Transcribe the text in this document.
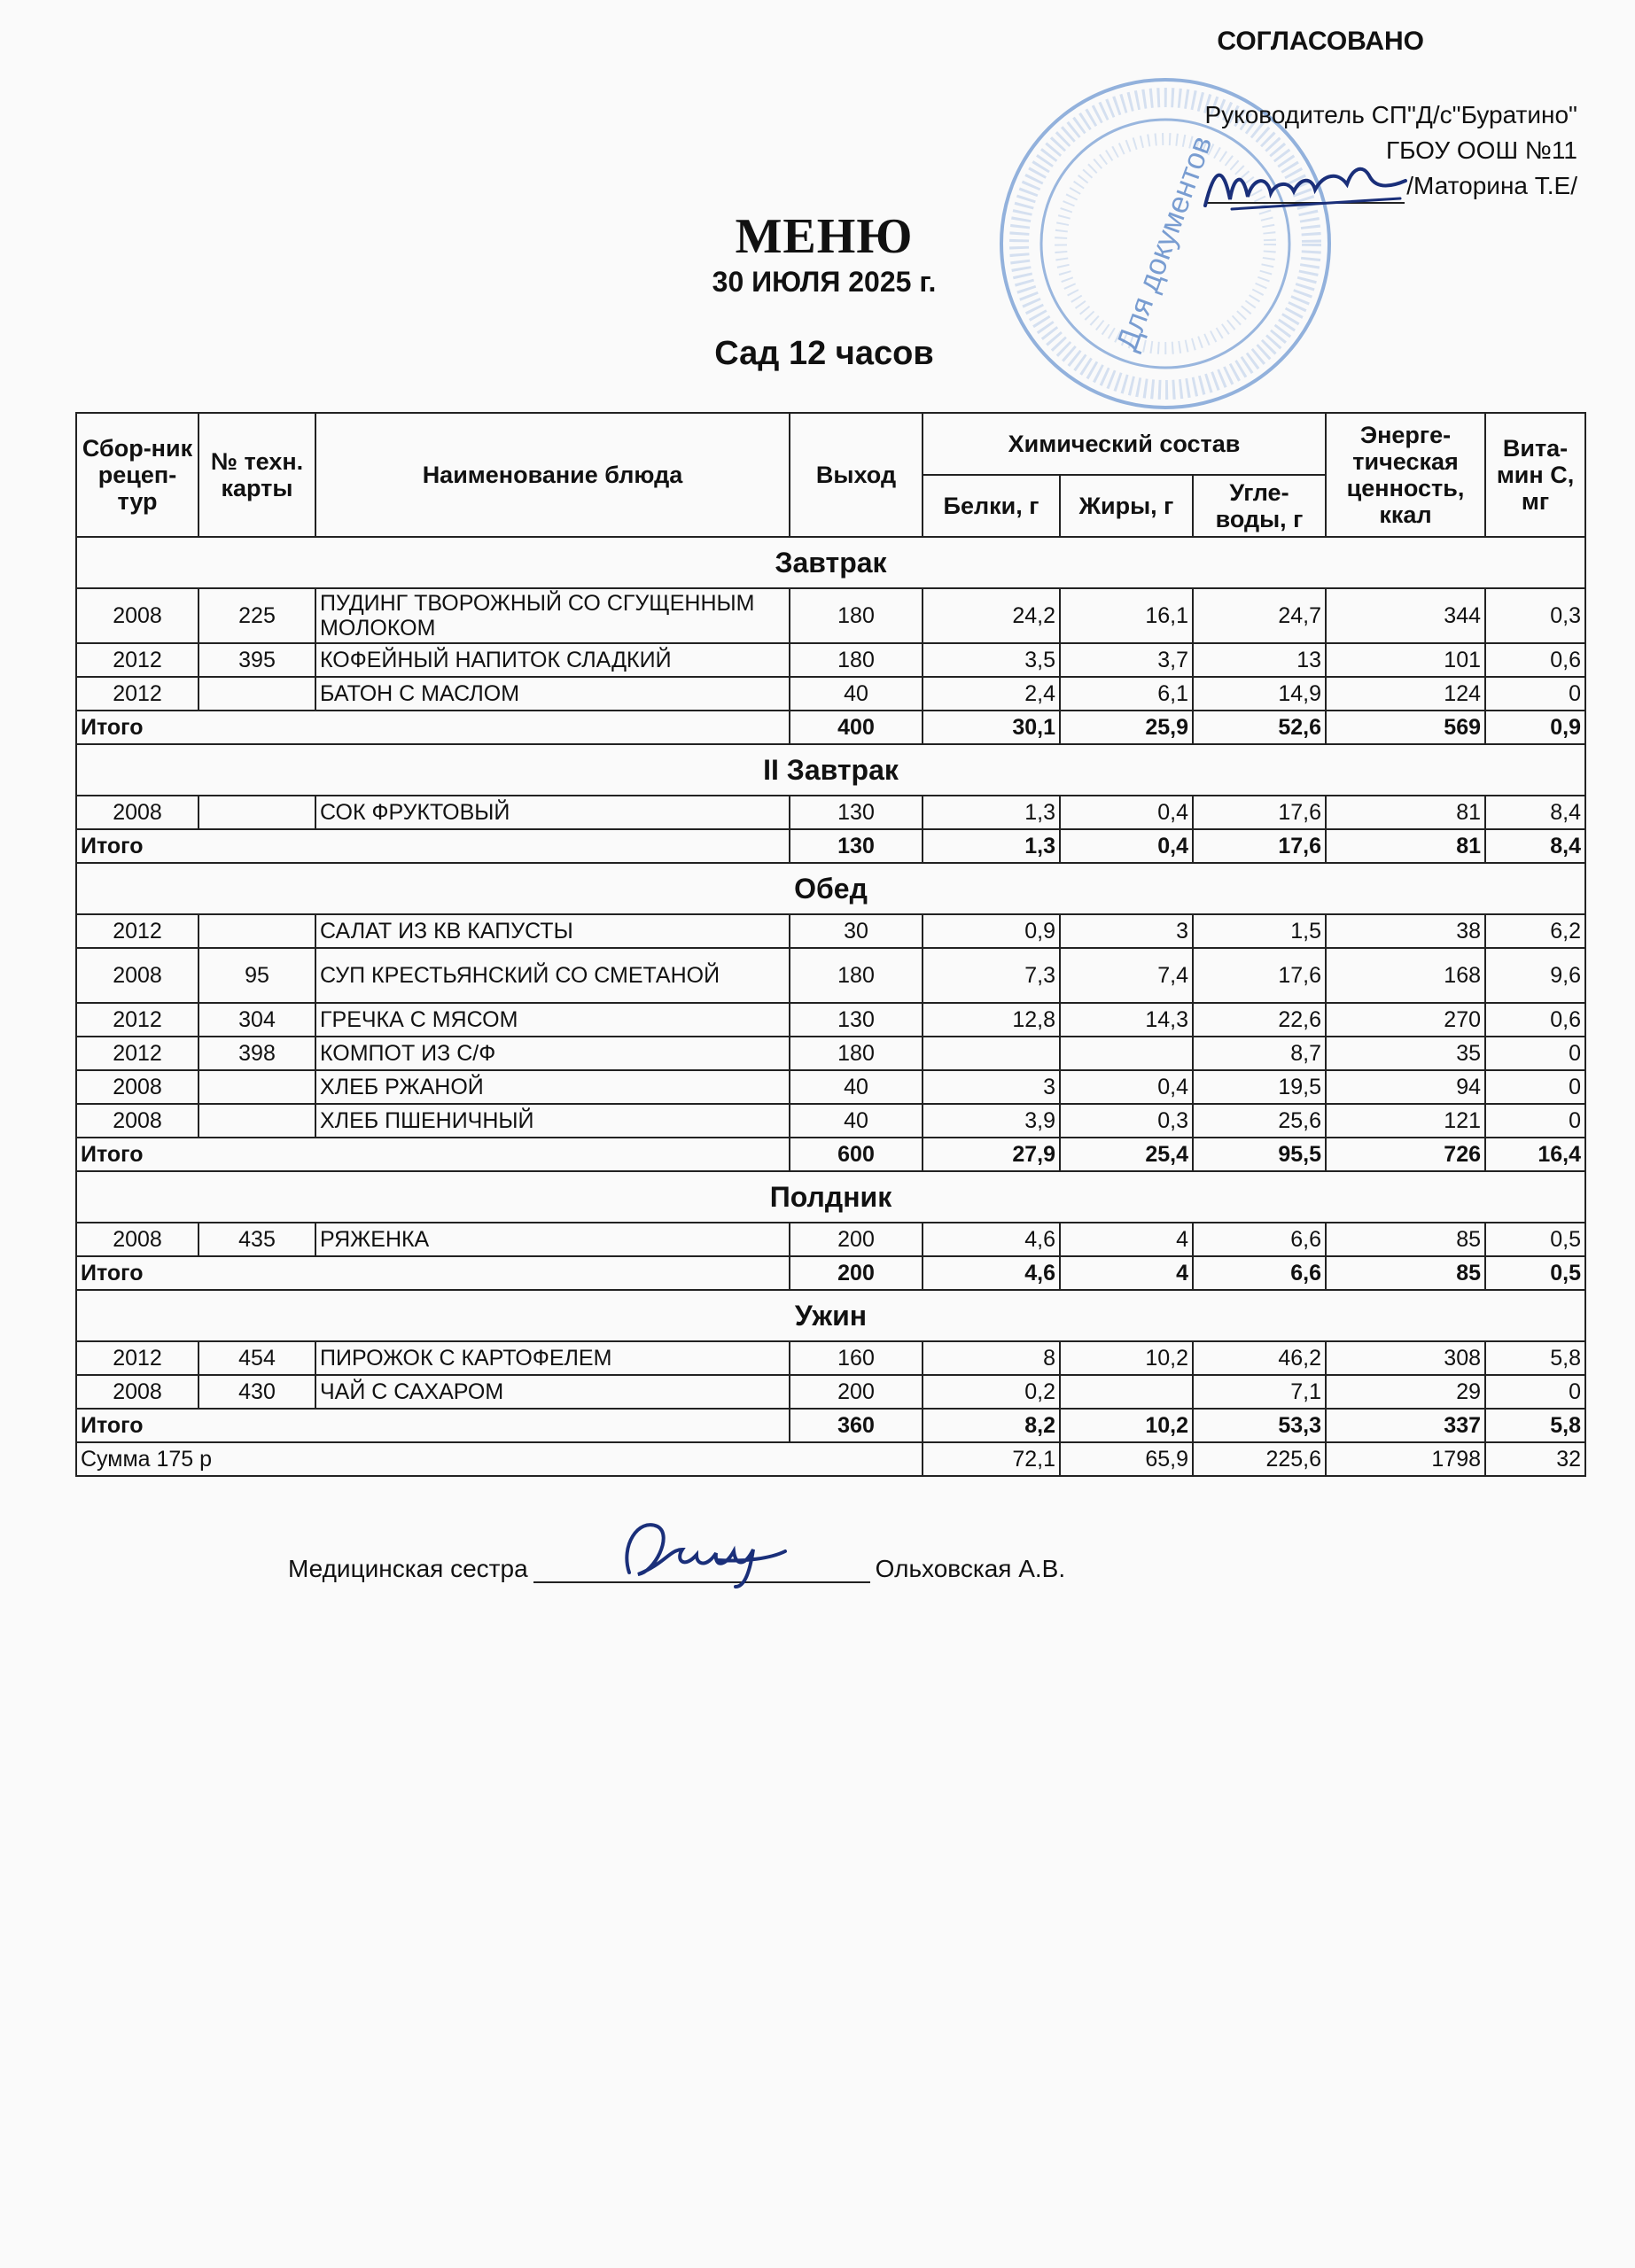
Для документов
СОГЛАСОВАНО
Руководитель СП"Д/с"Буратино"
ГБОУ ООШ №11
/Маторина Т.Е/
МЕНЮ
30 ИЮЛЯ 2025 г.
Сад 12 часов
Сбор-ник рецеп-тур	№ техн. карты	Наименование блюда	Выход	Химический состав			Энерге-тическая ценность, ккал	Вита-мин С, мг
				Белки, г	Жиры, г	Угле-воды, г		
Завтрак								
2008	225	ПУДИНГ ТВОРОЖНЫЙ СО СГУЩЕННЫМ МОЛОКОМ	180	24,2	16,1	24,7	344	0,3
2012	395	КОФЕЙНЫЙ НАПИТОК СЛАДКИЙ	180	3,5	3,7	13	101	0,6
2012		БАТОН С МАСЛОМ	40	2,4	6,1	14,9	124	0
Итого			400	30,1	25,9	52,6	569	0,9
II Завтрак								
2008		СОК ФРУКТОВЫЙ	130	1,3	0,4	17,6	81	8,4
Итого			130	1,3	0,4	17,6	81	8,4
Обед								
2012		САЛАТ ИЗ КВ КАПУСТЫ	30	0,9	3	1,5	38	6,2
2008	95	СУП КРЕСТЬЯНСКИЙ СО СМЕТАНОЙ	180	7,3	7,4	17,6	168	9,6
2012	304	ГРЕЧКА С МЯСОМ	130	12,8	14,3	22,6	270	0,6
2012	398	КОМПОТ ИЗ С/Ф	180			8,7	35	0
2008		ХЛЕБ РЖАНОЙ	40	3	0,4	19,5	94	0
2008		ХЛЕБ ПШЕНИЧНЫЙ	40	3,9	0,3	25,6	121	0
Итого			600	27,9	25,4	95,5	726	16,4
Полдник								
2008	435	РЯЖЕНКА	200	4,6	4	6,6	85	0,5
Итого			200	4,6	4	6,6	85	0,5
Ужин								
2012	454	ПИРОЖОК С КАРТОФЕЛЕМ	160	8	10,2	46,2	308	5,8
2008	430	ЧАЙ С САХАРОМ	200	0,2		7,1	29	0
Итого			360	8,2	10,2	53,3	337	5,8
Сумма 175 р				72,1	65,9	225,6	1798	32
Медицинская сестра	Ольховская А.В.
